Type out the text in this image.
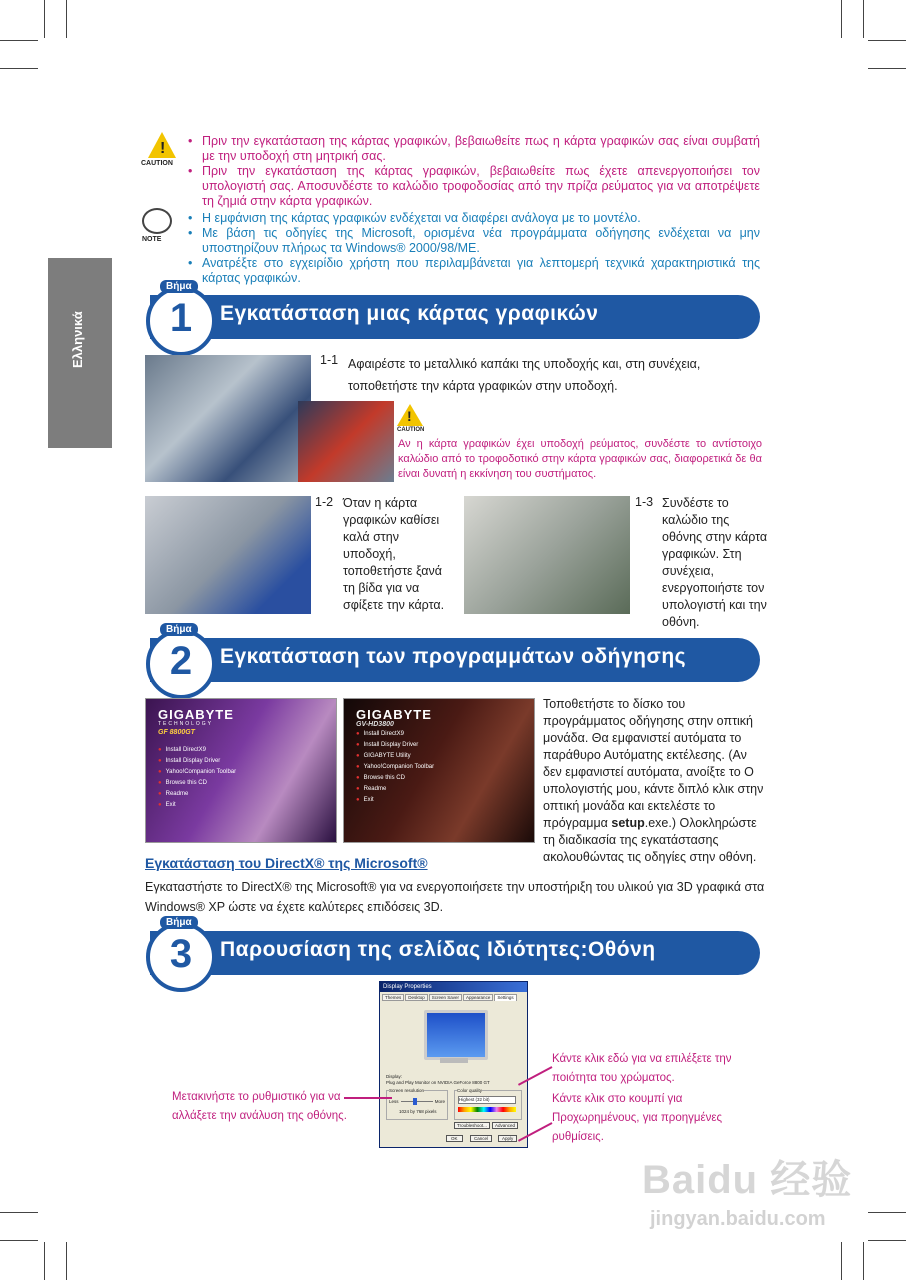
Ελληνικά
!
CAUTION
NOTE
• Πριν την εγκατάσταση της κάρτας γραφικών, βεβαιωθείτε πως η κάρτα γραφικών σας είναι συμβατή με την υποδοχή στη μητρική σας.
• Πριν την εγκατάσταση της κάρτας γραφικών, βεβαιωθείτε πως έχετε απενεργοποιήσει τον υπολογιστή σας. Αποσυνδέστε το καλώδιο τροφοδοσίας από την πρίζα ρεύματος για να αποτρέψετε τη ζημιά στην κάρτα γραφικών.
• Η εμφάνιση της κάρτας γραφικών ενδέχεται να διαφέρει ανάλογα με το μοντέλο.
• Με βάση τις οδηγίες της Microsoft, ορισμένα νέα προγράμματα οδήγησης ενδέχεται να μην υποστηρίζουν πλήρως τα Windows® 2000/98/ME.
• Ανατρέξτε στο εγχειρίδιο χρήστη που περιλαμβάνεται για λεπτομερή τεχνικά χαρακτηριστικά της κάρτας γραφικών.
Εγκατάσταση μιας κάρτας γραφικών
Βήμα
1
1-1 Αφαιρέστε το μεταλλικό καπάκι της υποδοχής και, στη συνέχεια, τοποθετήστε την κάρτα γραφικών στην υποδοχή.
!
CAUTION
Αν η κάρτα γραφικών έχει υποδοχή ρεύματος, συνδέστε το αντίστοιχο καλώδιο από το τροφοδοτικό στην κάρτα γραφικών σας, διαφορετικά δε θα είναι δυνατή η εκκίνηση του συστήματος.
1-2 Όταν η κάρτα γραφικών καθίσει καλά στην υποδοχή, τοποθετήστε ξανά τη βίδα για να σφίξετε την κάρτα.
1-3 Συνδέστε το καλώδιο της οθόνης στην κάρτα γραφικών. Στη συνέχεια, ενεργοποιήστε τον υπολογιστή και την οθόνη.
Εγκατάσταση των προγραμμάτων οδήγησης
Βήμα
2
GIGABYTE
TECHNOLOGY
GF 8800GT
● Install DirectX9
● Install Display Driver
● Yahoo!Companion Toolbar
● Browse this CD
● Readme
● Exit
GIGABYTE
GV-HD3800
● Install DirectX9
● Install Display Driver
● GIGABYTE Utility
● Yahoo!Companion Toolbar
● Browse this CD
● Readme
● Exit
Τοποθετήστε το δίσκο του προγράμματος οδήγησης στην οπτική μονάδα. Θα εμφανιστεί αυτόματα το παράθυρο Αυτόματης εκτέλεσης. (Αν δεν εμφανιστεί αυτόματα, ανοίξτε το Ο υπολογιστής μου, κάντε διπλό κλικ στην οπτική μονάδα και εκτελέστε το πρόγραμμα setup.exe.) Ολοκληρώστε τη διαδικασία της εγκατάστασης ακολουθώντας τις οδηγίες στην οθόνη.
Εγκατάσταση του DirectX® της Microsoft®
Εγκαταστήστε το DirectX® της Microsoft® για να ενεργοποιήσετε την υποστήριξη του υλικού για 3D γραφικά στα Windows® XP ώστε να έχετε καλύτερες επιδόσεις 3D.
Παρουσίαση της σελίδας Ιδιότητες:Οθόνη
Βήμα
3
Display Properties
Themes	Desktop	Screen Saver	Appearance	Settings
Display:
Plug and Play Monitor on NVIDIA GeForce 8800 GT
Screen resolution
Less	More
1024 by 768 pixels
Color quality
Highest (32 bit)
Troubleshoot...	Advanced
OK	Cancel	Apply
Μετακινήστε το ρυθμιστικό για να αλλάξετε την ανάλυση της οθόνης.
Κάντε κλικ εδώ για να επιλέξετε την ποιότητα του χρώματος.
Κάντε κλικ στο κουμπί για Προχωρημένους, για προηγμένες ρυθμίσεις.
Baidu 经验
jingyan.baidu.com
